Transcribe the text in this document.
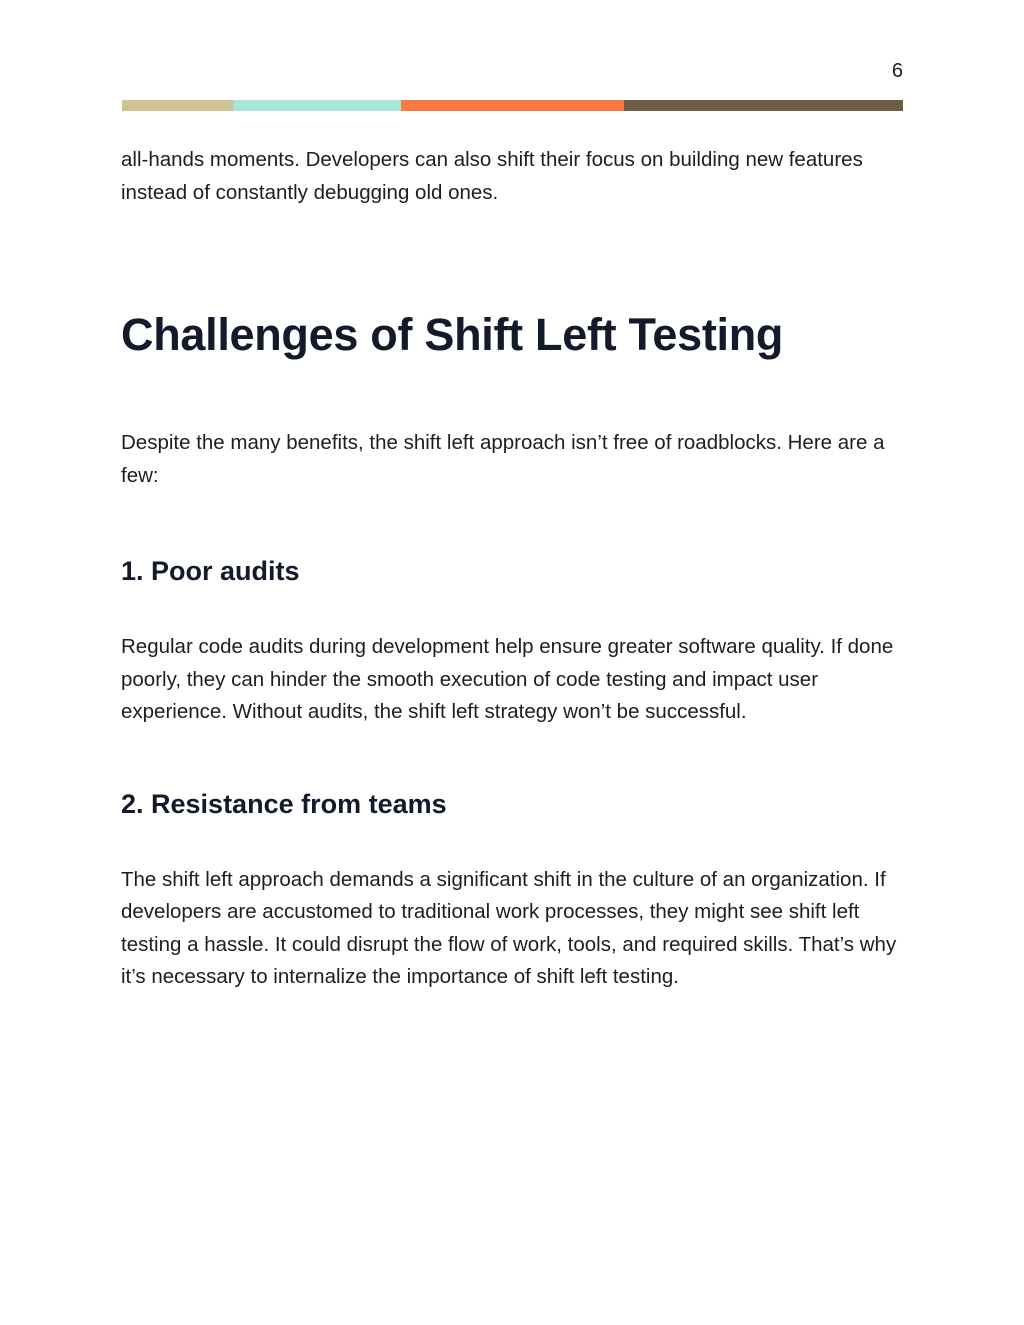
6

all-hands moments. Developers can also shift their focus on building new features instead of constantly debugging old ones.

Challenges of Shift Left Testing

Despite the many benefits, the shift left approach isn’t free of roadblocks. Here are a few:

1. Poor audits

Regular code audits during development help ensure greater software quality. If done poorly, they can hinder the smooth execution of code testing and impact user experience. Without audits, the shift left strategy won’t be successful.

2. Resistance from teams

The shift left approach demands a significant shift in the culture of an organization. If developers are accustomed to traditional work processes, they might see shift left testing a hassle. It could disrupt the flow of work, tools, and required skills. That’s why it’s necessary to internalize the importance of shift left testing.
